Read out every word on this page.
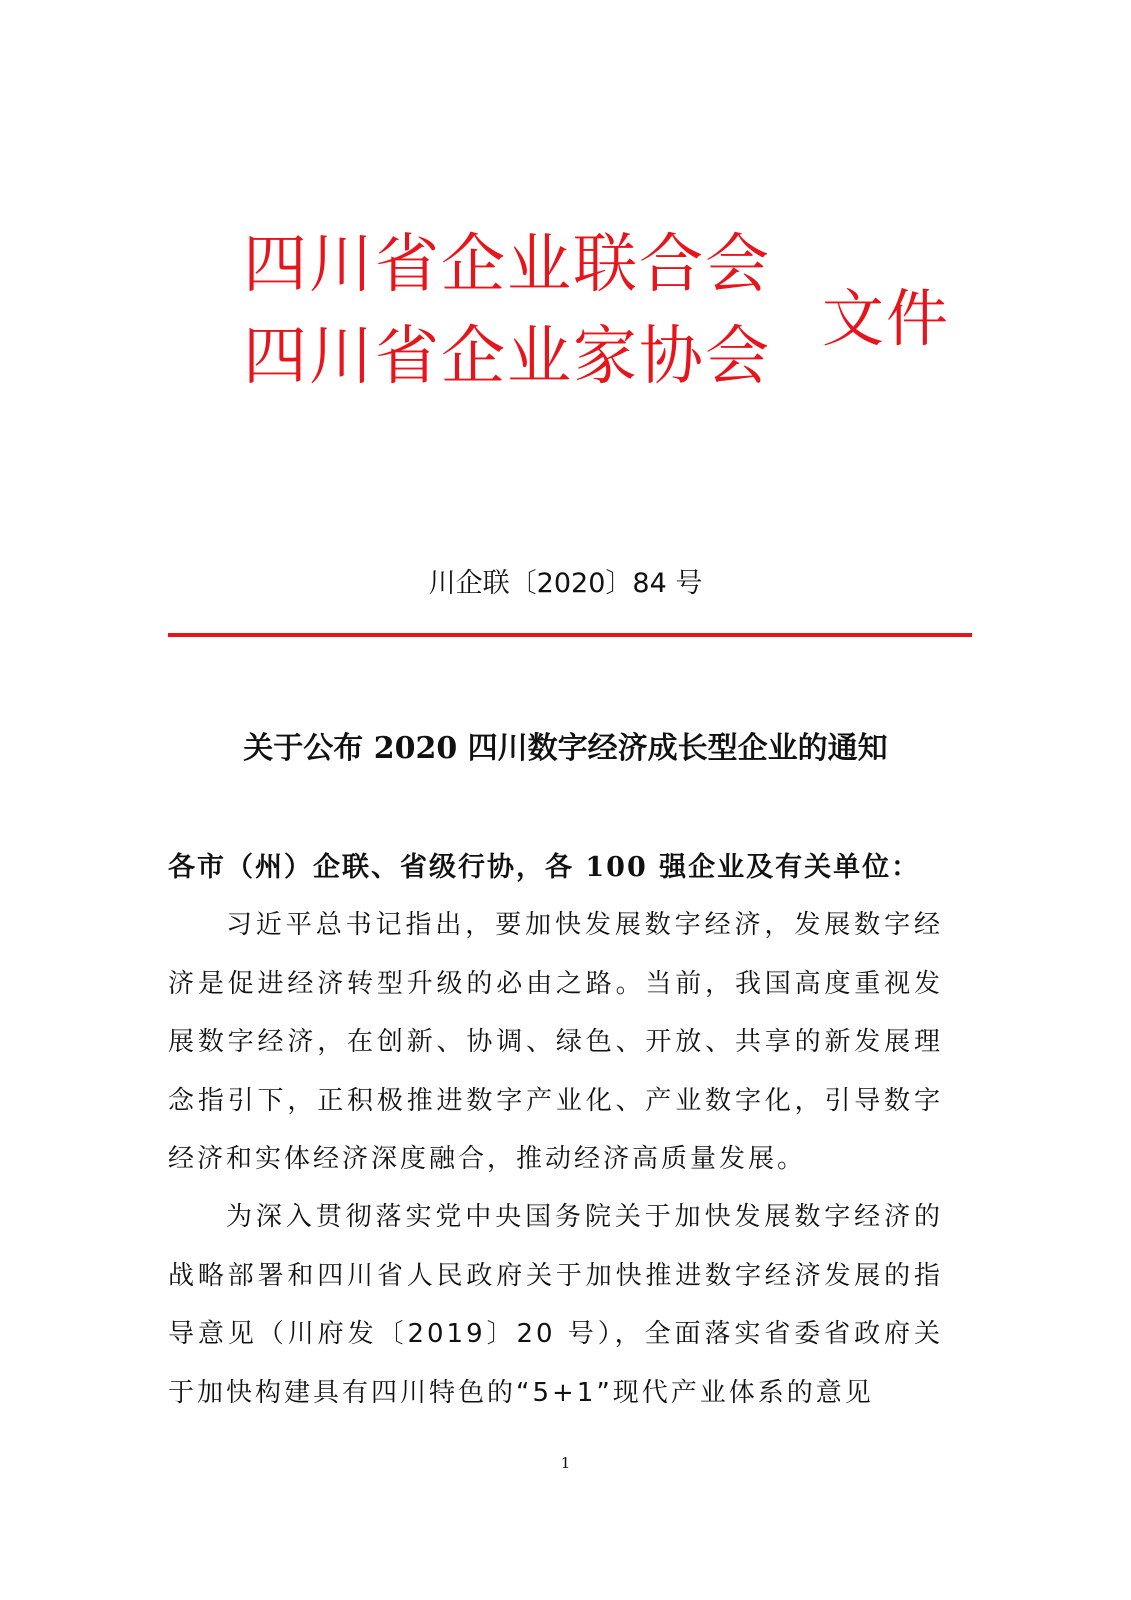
四川省企业联合会
四川省企业家协会
文件
川企联〔2020〕84 号
关于公布 2020 四川数字经济成长型企业的通知
各市（州）企联、省级行协，各 100 强企业及有关单位：

习近平总书记指出，要加快发展数字经济，发展数字经济是促进经济转型升级的必由之路。当前，我国高度重视发展数字经济，在创新、协调、绿色、开放、共享的新发展理念指引下，正积极推进数字产业化、产业数字化，引导数字经济和实体经济深度融合，推动经济高质量发展。

为深入贯彻落实党中央国务院关于加快发展数字经济的战略部署和四川省人民政府关于加快推进数字经济发展的指导意见（川府发〔2019〕20 号），全面落实省委省政府关于加快构建具有四川特色的“5+1”现代产业体系的意见

1
